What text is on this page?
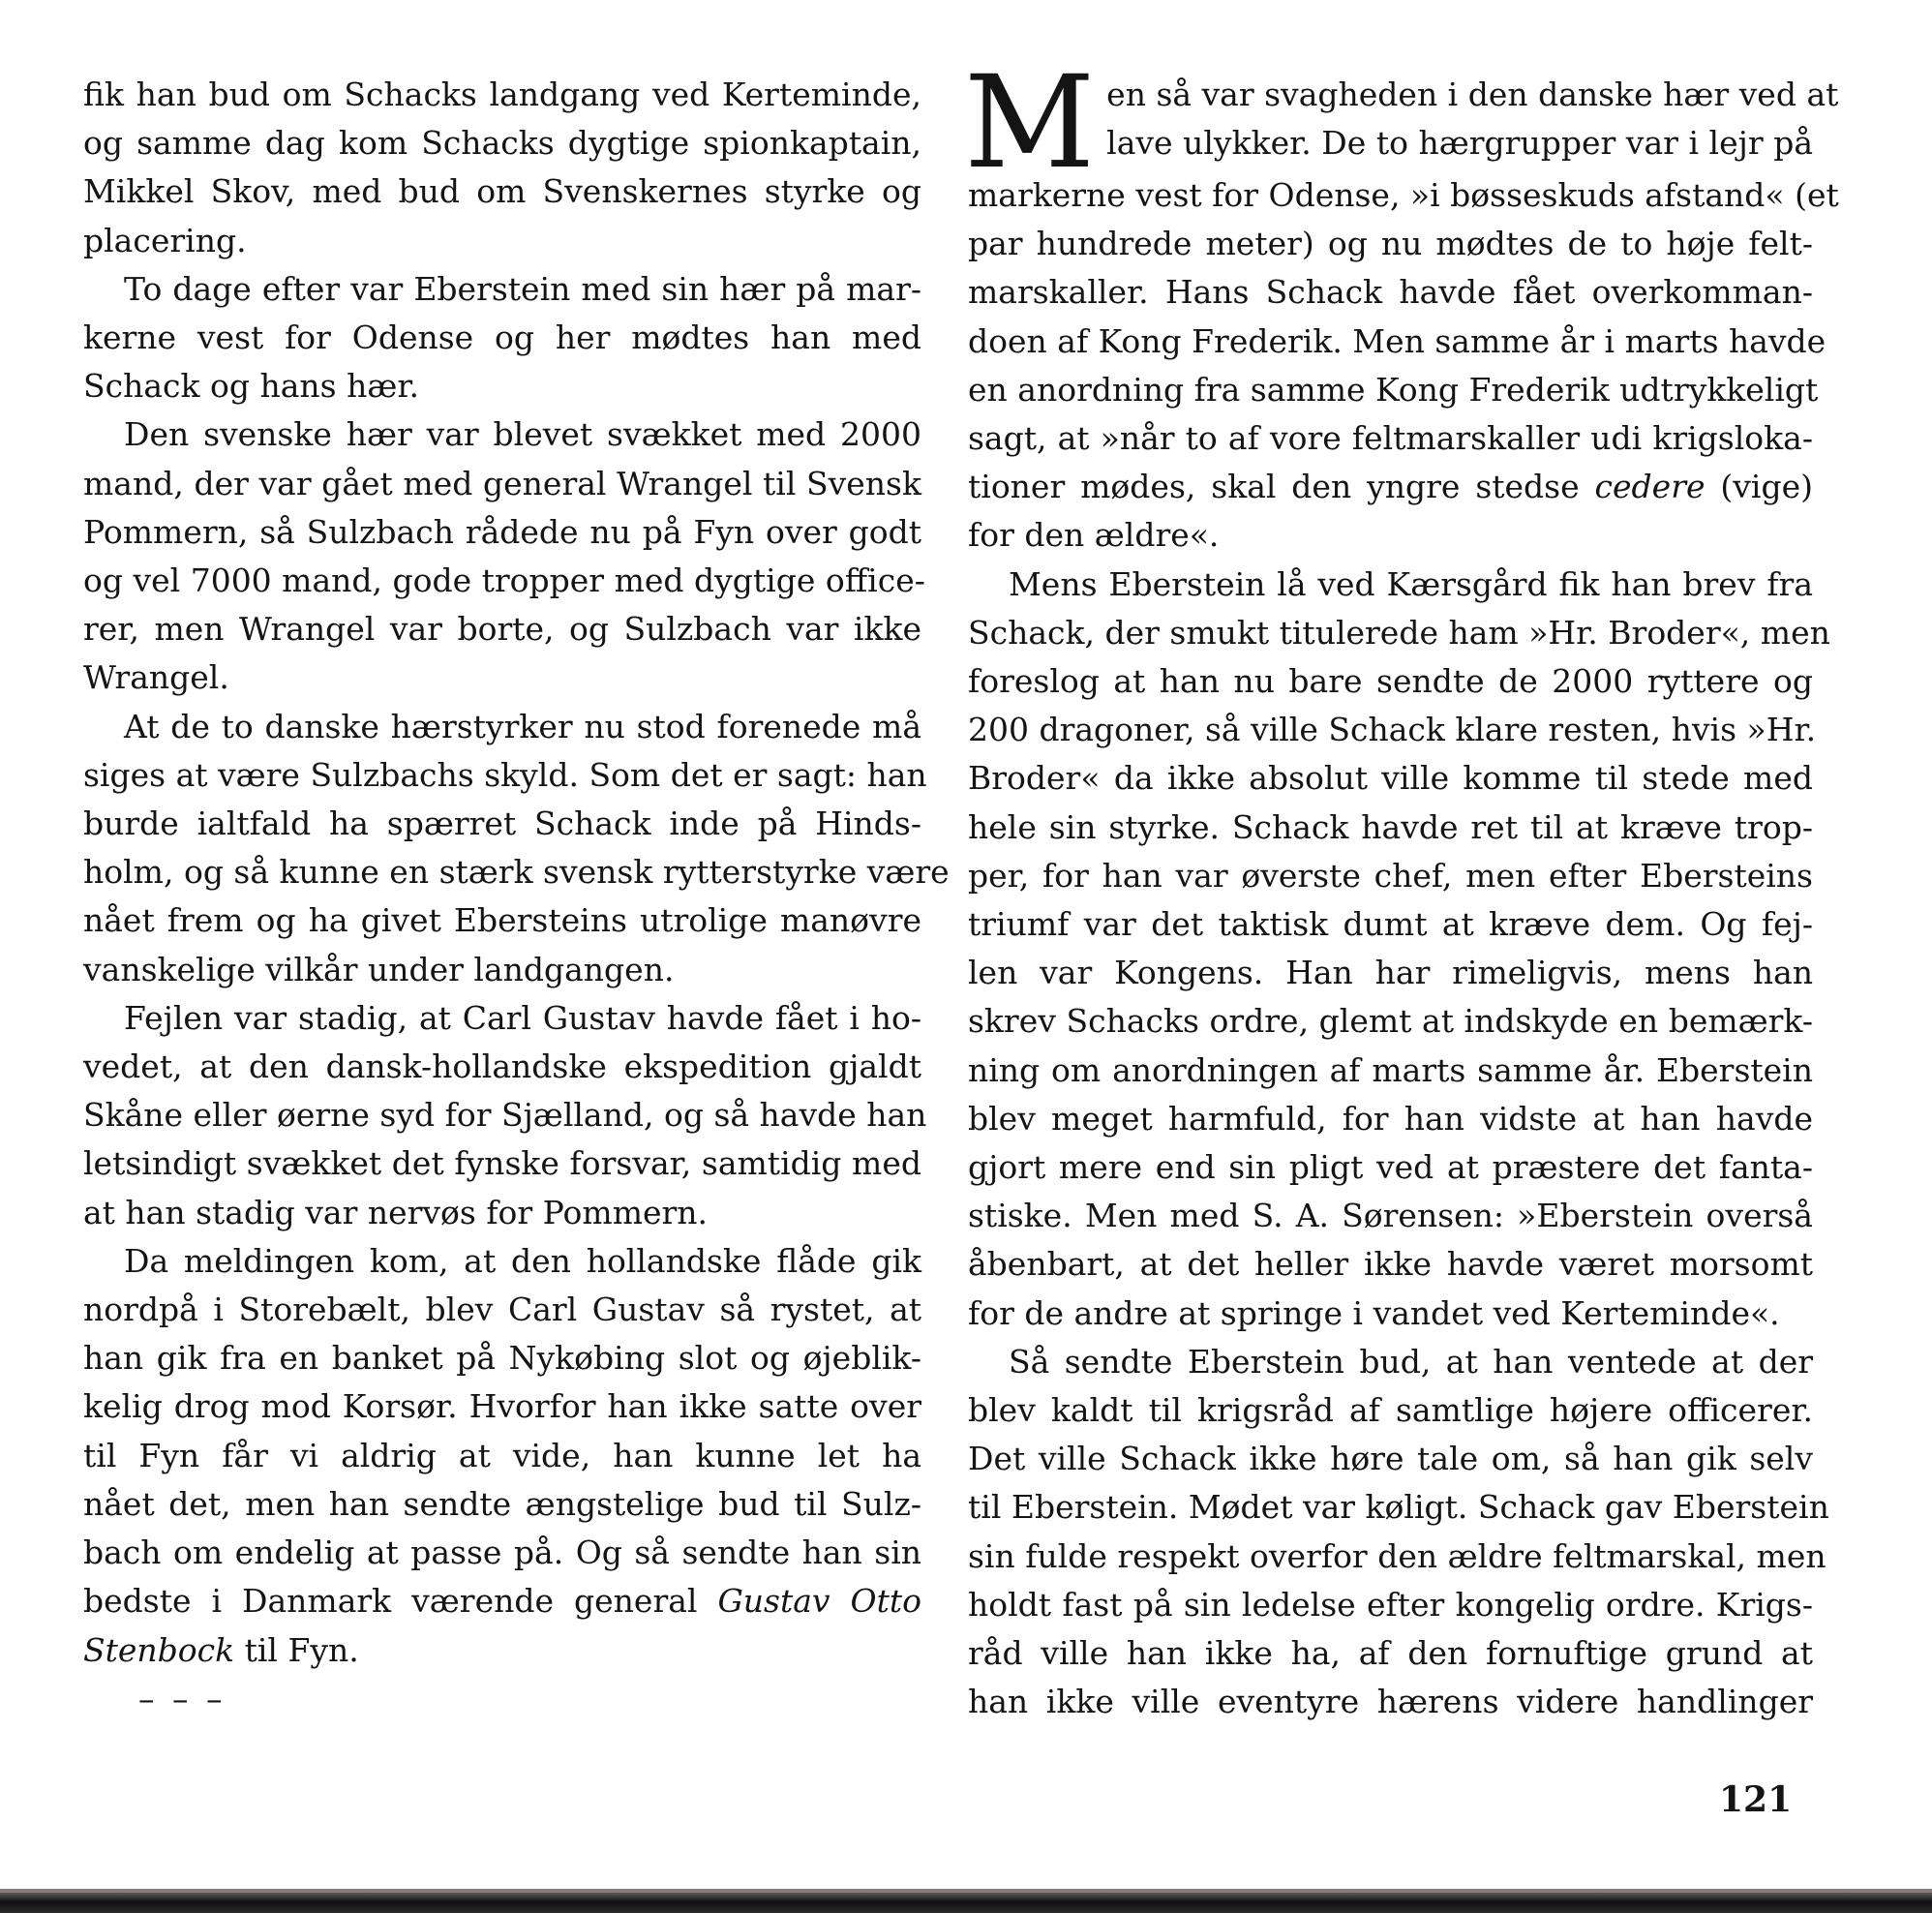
fik han bud om Schacks landgang ved Kerteminde,
og samme dag kom Schacks dygtige spionkaptain,
Mikkel Skov, med bud om Svenskernes styrke og
placering.
To dage efter var Eberstein med sin hær på mar-
kerne vest for Odense og her mødtes han med
Schack og hans hær.
Den svenske hær var blevet svækket med 2000
mand, der var gået med general Wrangel til Svensk
Pommern, så Sulzbach rådede nu på Fyn over godt
og vel 7000 mand, gode tropper med dygtige office-
rer, men Wrangel var borte, og Sulzbach var ikke
Wrangel.
At de to danske hærstyrker nu stod forenede må
siges at være Sulzbachs skyld. Som det er sagt: han
burde ialtfald ha spærret Schack inde på Hinds-
holm, og så kunne en stærk svensk rytterstyrke være
nået frem og ha givet Ebersteins utrolige manøvre
vanskelige vilkår under landgangen.
Fejlen var stadig, at Carl Gustav havde fået i ho-
vedet, at den dansk-hollandske ekspedition gjaldt
Skåne eller øerne syd for Sjælland, og så havde han
letsindigt svækket det fynske forsvar, samtidig med
at han stadig var nervøs for Pommern.
Da meldingen kom, at den hollandske flåde gik
nordpå i Storebælt, blev Carl Gustav så rystet, at
han gik fra en banket på Nykøbing slot og øjeblik-
kelig drog mod Korsør. Hvorfor han ikke satte over
til Fyn får vi aldrig at vide, han kunne let ha
nået det, men han sendte ængstelige bud til Sulz-
bach om endelig at passe på. Og så sendte han sin
bedste i Danmark værende general Gustav Otto
Stenbock til Fyn.
– – –
M en så var svagheden i den danske hær ved at
lave ulykker. De to hærgrupper var i lejr på
markerne vest for Odense, »i bøsseskuds afstand« (et
par hundrede meter) og nu mødtes de to høje felt-
marskaller. Hans Schack havde fået overkomman-
doen af Kong Frederik. Men samme år i marts havde
en anordning fra samme Kong Frederik udtrykkeligt
sagt, at »når to af vore feltmarskaller udi krigsloka-
tioner mødes, skal den yngre stedse cedere (vige)
for den ældre«.
Mens Eberstein lå ved Kærsgård fik han brev fra
Schack, der smukt titulerede ham »Hr. Broder«, men
foreslog at han nu bare sendte de 2000 ryttere og
200 dragoner, så ville Schack klare resten, hvis »Hr.
Broder« da ikke absolut ville komme til stede med
hele sin styrke. Schack havde ret til at kræve trop-
per, for han var øverste chef, men efter Ebersteins
triumf var det taktisk dumt at kræve dem. Og fej-
len var Kongens. Han har rimeligvis, mens han
skrev Schacks ordre, glemt at indskyde en bemærk-
ning om anordningen af marts samme år. Eberstein
blev meget harmfuld, for han vidste at han havde
gjort mere end sin pligt ved at præstere det fanta-
stiske. Men med S. A. Sørensen: »Eberstein overså
åbenbart, at det heller ikke havde været morsomt
for de andre at springe i vandet ved Kerteminde«.
Så sendte Eberstein bud, at han ventede at der
blev kaldt til krigsråd af samtlige højere officerer.
Det ville Schack ikke høre tale om, så han gik selv
til Eberstein. Mødet var køligt. Schack gav Eberstein
sin fulde respekt overfor den ældre feltmarskal, men
holdt fast på sin ledelse efter kongelig ordre. Krigs-
råd ville han ikke ha, af den fornuftige grund at
han ikke ville eventyre hærens videre handlinger
121
